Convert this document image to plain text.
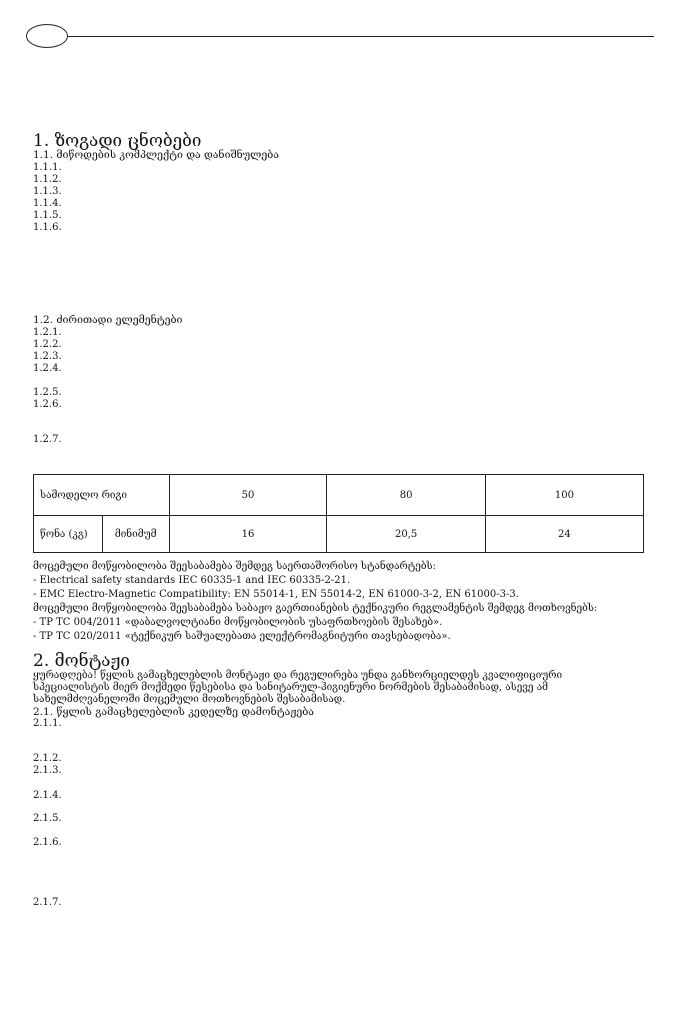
1. ზოგადი ცნობები
1.1. მიწოდების კომპლექტი და დანიშნულება
1.1.1.
1.1.2.
1.1.3.
1.1.4.
1.1.5.
1.1.6.
1.2. ძირითადი ელემენტები
1.2.1.
1.2.2.
1.2.3.
1.2.4.
1.2.5.
1.2.6.
1.2.7.
სამოდელო რიგი		50	80	100
წონა (კგ)	მინიმუმ	16	20,5	24
მოცემული მოწყობილობა შეესაბამება შემდეგ საერთაშორისო სტანდარტებს:
- Electrical safety standards IEC 60335-1 and IEC 60335-2-21.
- EMC Electro-Magnetic Compatibility: EN 55014-1, EN 55014-2, EN 61000-3-2, EN 61000-3-3.
მოცემული მოწყობილობა შეესაბამება საბაჟო გაერთიანების ტექნიკური რეგლამენტის შემდეგ მოთხოვნებს:
- TP TC 004/2011 «დაბალვოლტიანი მოწყობილობის უსაფრთხოების შესახებ».
- TP TC 020/2011 «ტექნიკურ საშუალებათა ელექტრომაგნიტური თავსებადობა».
2. მონტაჟი
ყურადღება! წყლის გამაცხელებლის მონტაჟი და რეგულირება უნდა განხორციელდეს კვალიფიციური
სპეციალისტის მიერ მოქმედი წესებისა და სანიტარულ-ჰიგიენური ნორმების შესაბამისად, ასევე ამ
სახელმძღვანელოში მოცემული მოთხოვნების შესაბამისად.
2.1. წყლის გამაცხელებლის კედელზე დამონტაჟება
2.1.1.
2.1.2.
2.1.3.
2.1.4.
2.1.5.
2.1.6.
2.1.7.
